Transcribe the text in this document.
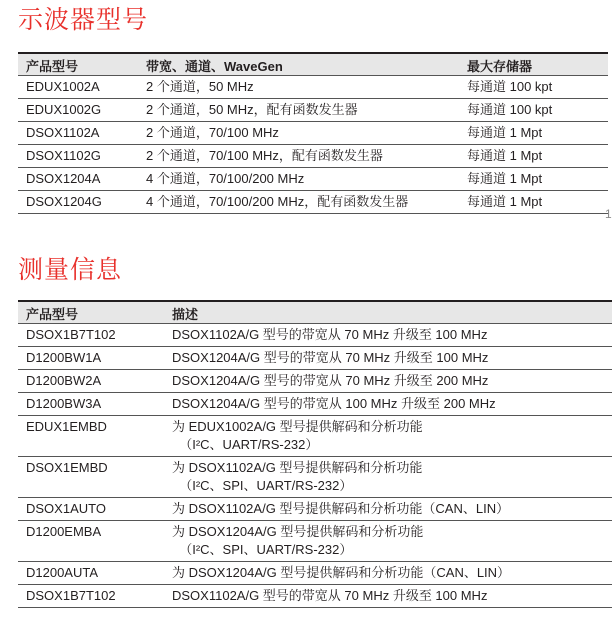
示波器型号
产品型号	带宽、通道、WaveGen	最大存储器
EDUX1002A	2 个通道，50 MHz	每通道 100 kpt
EDUX1002G	2 个通道，50 MHz，配有函数发生器	每通道 100 kpt
DSOX1102A	2 个通道，70/100 MHz	每通道 1 Mpt
DSOX1102G	2 个通道，70/100 MHz，配有函数发生器	每通道 1 Mpt
DSOX1204A	4 个通道，70/100/200 MHz	每通道 1 Mpt
DSOX1204G	4 个通道，70/100/200 MHz，配有函数发生器	每通道 1 Mpt
1
测量信息
产品型号	描述
DSOX1B7T102	DSOX1102A/G 型号的带宽从 70 MHz 升级至 100 MHz
D1200BW1A	DSOX1204A/G 型号的带宽从 70 MHz 升级至 100 MHz
D1200BW2A	DSOX1204A/G 型号的带宽从 70 MHz 升级至 200 MHz
D1200BW3A	DSOX1204A/G 型号的带宽从 100 MHz 升级至 200 MHz
EDUX1EMBD	为 EDUX1002A/G 型号提供解码和分析功能
（I²C、UART/RS-232）
DSOX1EMBD	为 DSOX1102A/G 型号提供解码和分析功能
（I²C、SPI、UART/RS-232）
DSOX1AUTO	为 DSOX1102A/G 型号提供解码和分析功能（CAN、LIN）
D1200EMBA	为 DSOX1204A/G 型号提供解码和分析功能
（I²C、SPI、UART/RS-232）
D1200AUTA	为 DSOX1204A/G 型号提供解码和分析功能（CAN、LIN）
DSOX1B7T102	DSOX1102A/G 型号的带宽从 70 MHz 升级至 100 MHz
